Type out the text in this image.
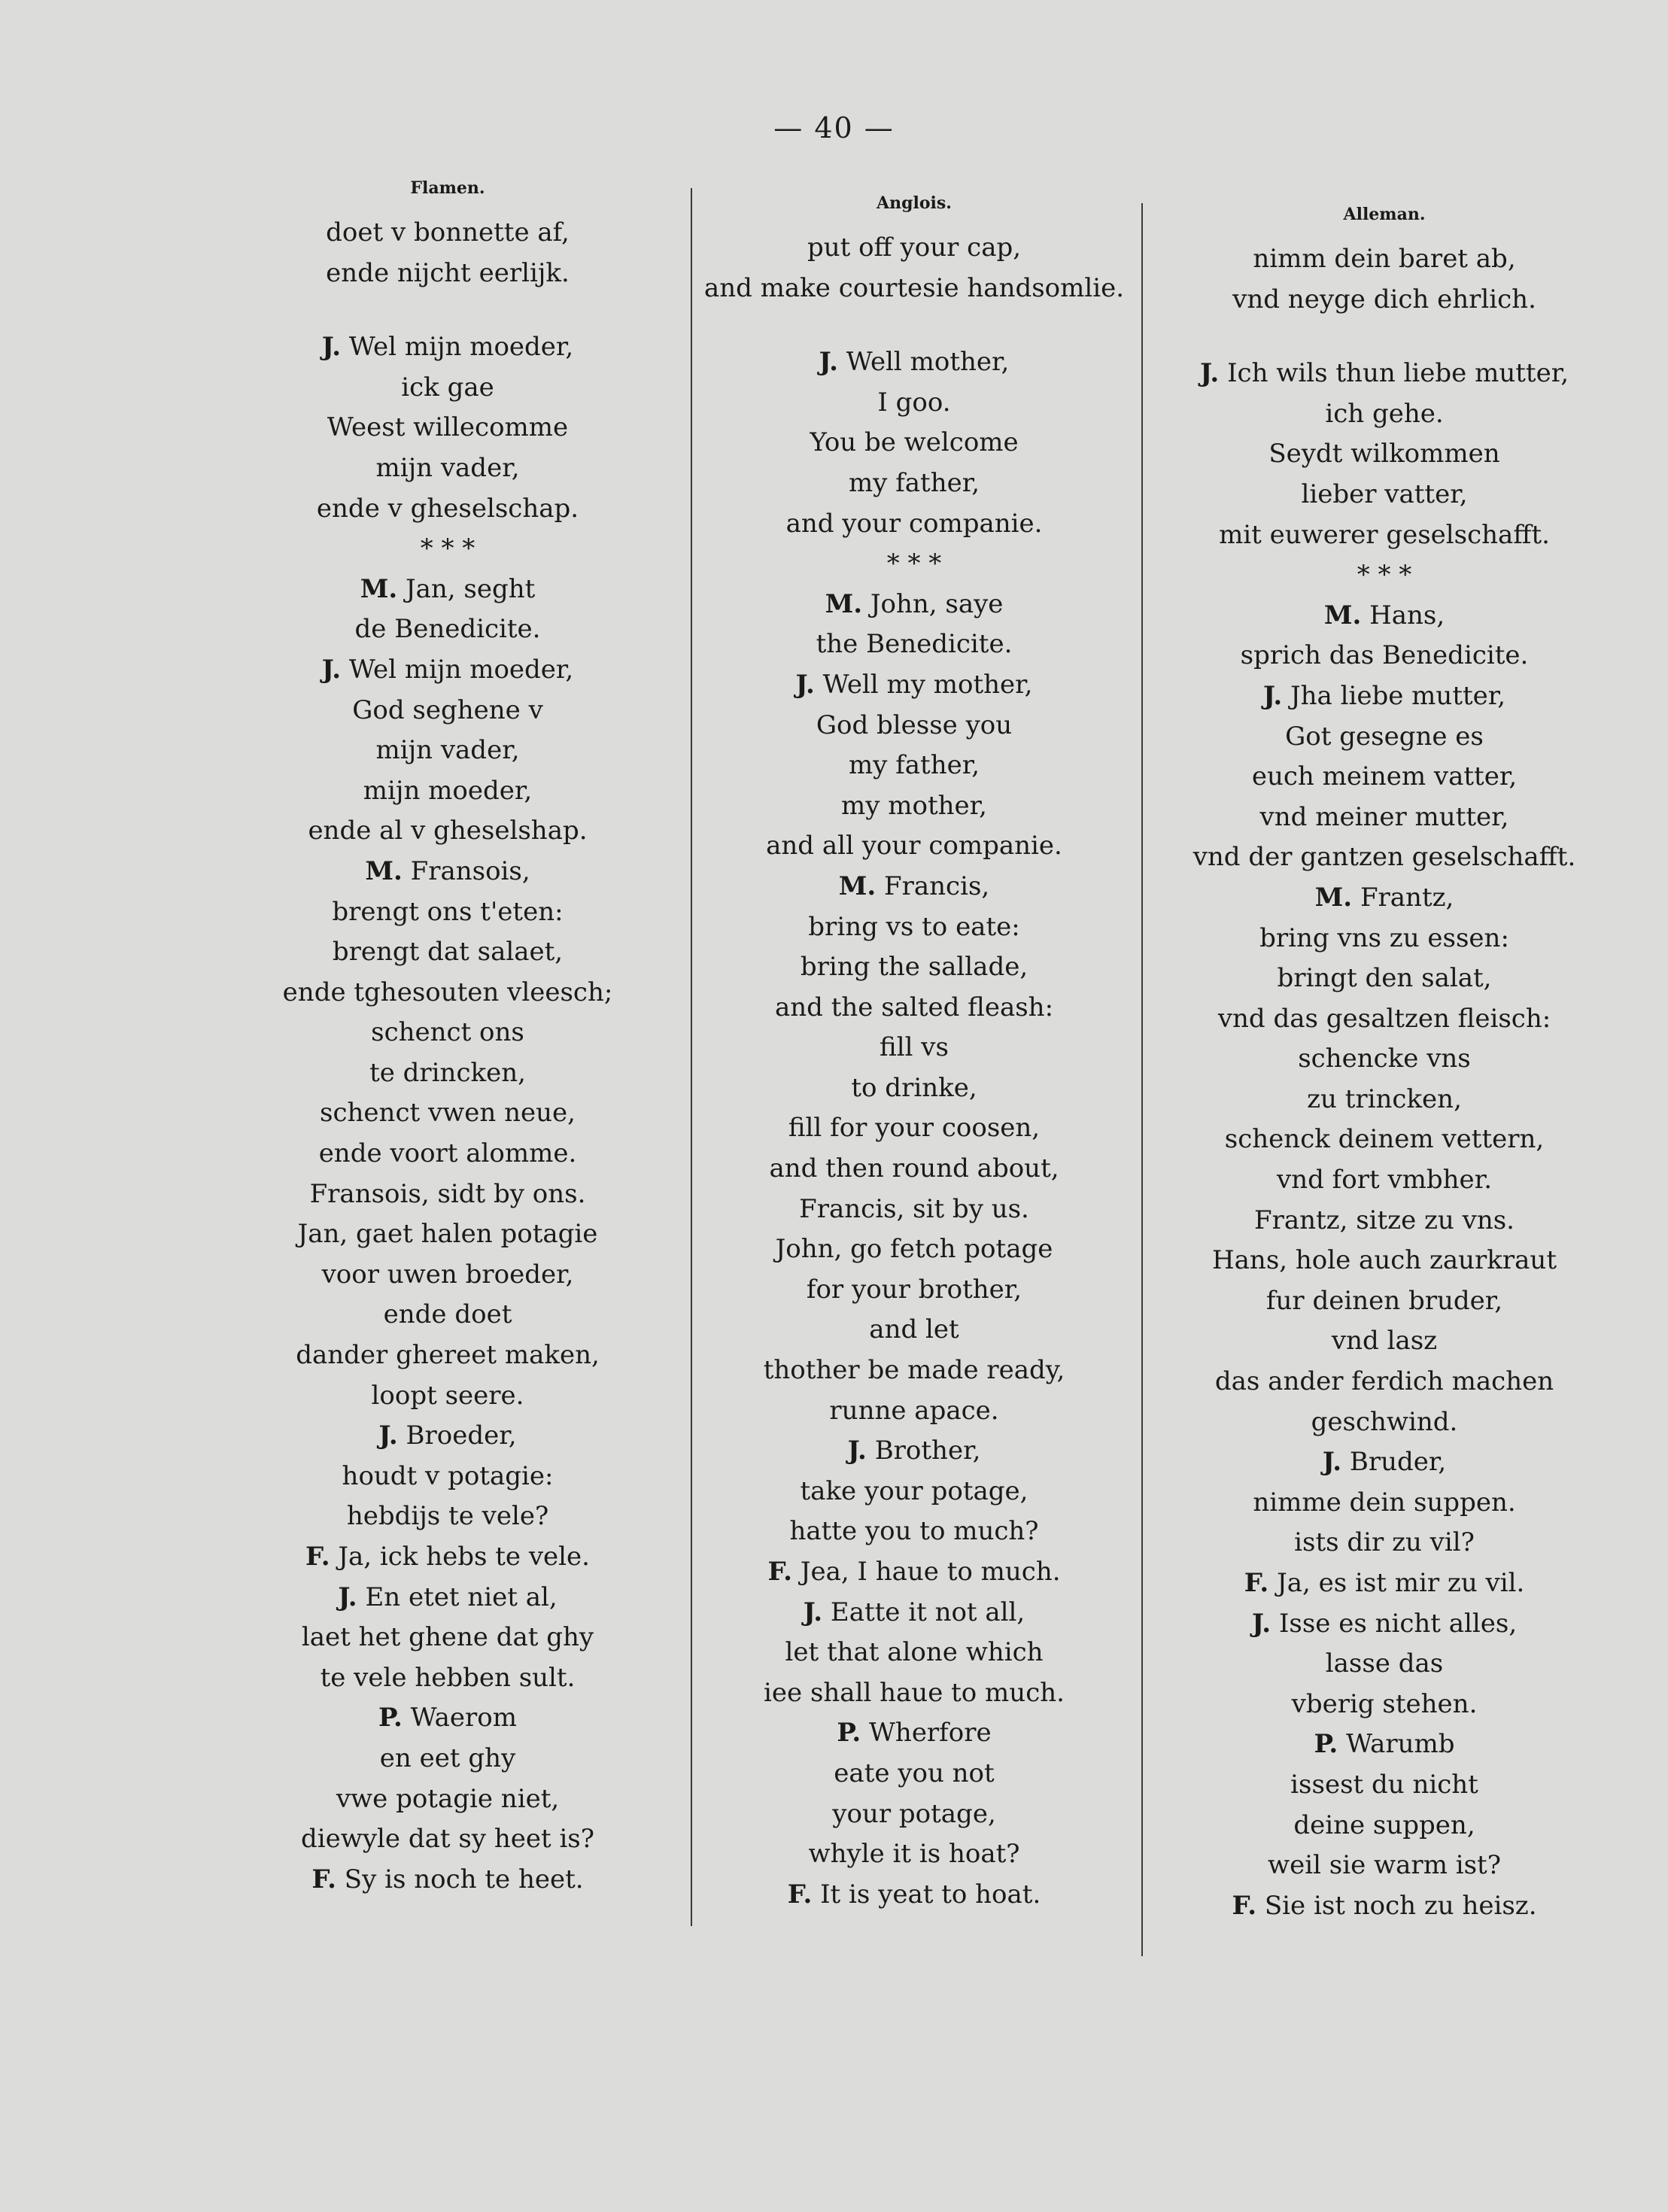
— 40 —
Flamen.
doet v bonnette af,
ende nijcht eerlijk.
J. Wel mijn moeder,
ick gae
Weest willecomme
mijn vader,
ende v gheselschap.
* * *
M. Jan, seght
de Benedicite.
J. Wel mijn moeder,
God seghene v
mijn vader,
mijn moeder,
ende al v gheselshap.
M. Fransois,
brengt ons t'eten:
brengt dat salaet,
ende tghesouten vleesch;
schenct ons
te drincken,
schenct vwen neue,
ende voort alomme.
Fransois, sidt by ons.
Jan, gaet halen potagie
voor uwen broeder,
ende doet
dander ghereet maken,
loopt seere.
J. Broeder,
houdt v potagie:
hebdijs te vele?
F. Ja, ick hebs te vele.
J. En etet niet al,
laet het ghene dat ghy
te vele hebben sult.
P. Waerom
en eet ghy
vwe potagie niet,
diewyle dat sy heet is?
F. Sy is noch te heet.
Anglois.
put off your cap,
and make courtesie handsomlie.
J. Well mother,
I goo.
You be welcome
my father,
and your companie.
* * *
M. John, saye
the Benedicite.
J. Well my mother,
God blesse you
my father,
my mother,
and all your companie.
M. Francis,
bring vs to eate:
bring the sallade,
and the salted fleash:
fill vs
to drinke,
fill for your coosen,
and then round about,
Francis, sit by us.
John, go fetch potage
for your brother,
and let
thother be made ready,
runne apace.
J. Brother,
take your potage,
hatte you to much?
F. Jea, I haue to much.
J. Eatte it not all,
let that alone which
iee shall haue to much.
P. Wherfore
eate you not
your potage,
whyle it is hoat?
F. It is yeat to hoat.
Alleman.
nimm dein baret ab,
vnd neyge dich ehrlich.
J. Ich wils thun liebe mutter,
ich gehe.
Seydt wilkommen
lieber vatter,
mit euwerer geselschafft.
* * *
M. Hans,
sprich das Benedicite.
J. Jha liebe mutter,
Got gesegne es
euch meinem vatter,
vnd meiner mutter,
vnd der gantzen geselschafft.
M. Frantz,
bring vns zu essen:
bringt den salat,
vnd das gesaltzen fleisch:
schencke vns
zu trincken,
schenck deinem vettern,
vnd fort vmbher.
Frantz, sitze zu vns.
Hans, hole auch zaurkraut
fur deinen bruder,
vnd lasz
das ander ferdich machen
geschwind.
J. Bruder,
nimme dein suppen.
ists dir zu vil?
F. Ja, es ist mir zu vil.
J. Isse es nicht alles,
lasse das
vberig stehen.
P. Warumb
issest du nicht
deine suppen,
weil sie warm ist?
F. Sie ist noch zu heisz.
